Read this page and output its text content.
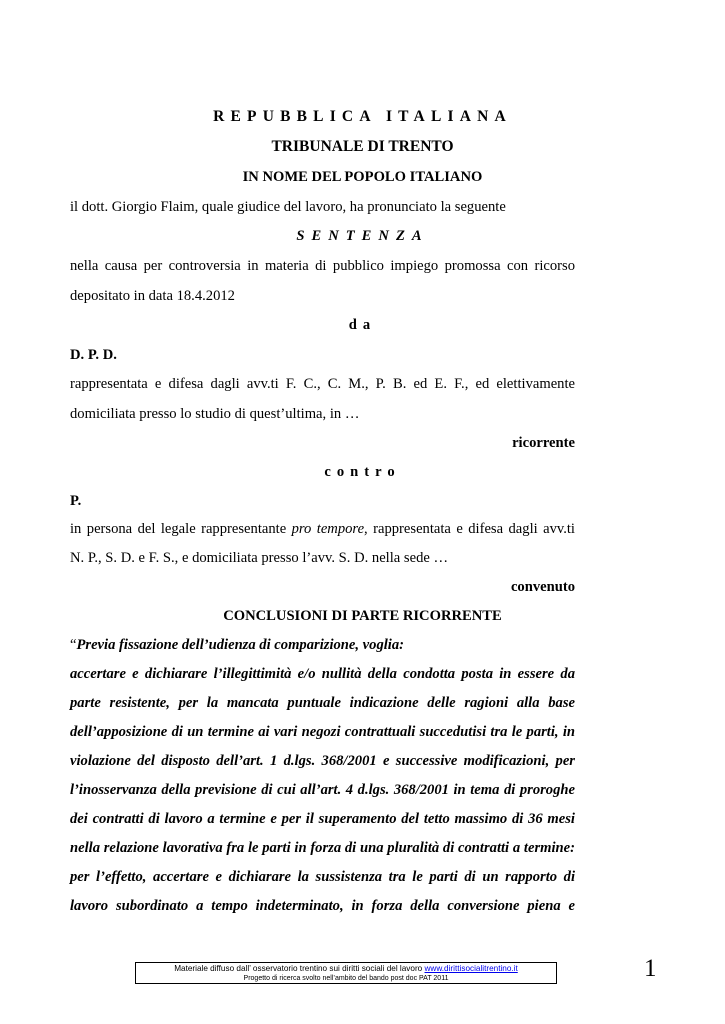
REPUBBLICA ITALIANA
TRIBUNALE DI TRENTO
IN NOME DEL POPOLO ITALIANO
il dott. Giorgio Flaim, quale giudice del lavoro, ha pronunciato la seguente
SENTENZA
nella causa per controversia in materia di pubblico impiego promossa con ricorso
depositato in data 18.4.2012
da
D. P. D.
rappresentata e difesa dagli avv.ti F. C., C. M., P. B. ed E. F., ed elettivamente
domiciliata presso lo studio di quest’ultima, in …
ricorrente
contro
P.
in persona del legale rappresentante pro tempore, rappresentata e difesa dagli avv.ti
N. P., S. D. e F. S., e domiciliata presso l’avv. S. D. nella sede …
convenuto
CONCLUSIONI DI PARTE RICORRENTE
“Previa fissazione dell’udienza di comparizione, voglia:
accertare e dichiarare l’illegittimità e/o nullità della condotta posta in essere da
parte resistente, per la mancata puntuale indicazione delle ragioni alla base
dell’apposizione di un termine ai vari negozi contrattuali succedutisi tra le parti, in
violazione del disposto dell’art. 1 d.lgs. 368/2001 e successive modificazioni, per
l’inosservanza della previsione di cui all’art. 4 d.lgs. 368/2001 in tema di proroghe
dei contratti di lavoro a termine e per il superamento del tetto massimo di 36 mesi
nella relazione lavorativa fra le parti in forza di una pluralità di contratti a termine:
per l’effetto, accertare e dichiarare la sussistenza tra le parti di un rapporto di
lavoro subordinato a tempo indeterminato, in forza della conversione piena e
Materiale diffuso dall’ osservatorio trentino sui diritti sociali del lavoro www.dirittisocialitrentino.it
Progetto di ricerca svolto nell’ambito del bando post doc PAT 2011	1
